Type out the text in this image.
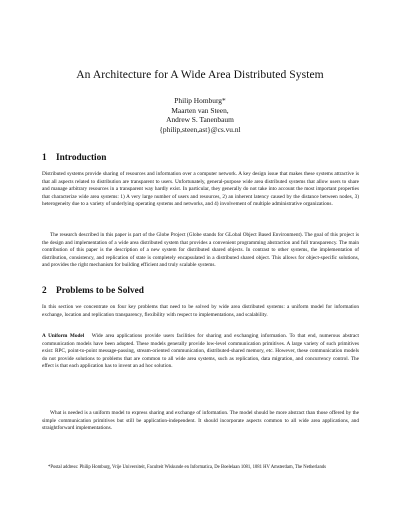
An Architecture for A Wide Area Distributed System
Philip Homburg*
Maarten van Steen,
Andrew S. Tanenbaum
{philip,steen,ast}@cs.vu.nl
1 Introduction

Distributed systems provide sharing of resources and information over a computer network. A key design issue that makes these systems attractive is that all aspects related to distribution are transparent to users. Unfortunately, general-purpose wide area distributed systems that allow users to share and manage arbitrary resources in a transparent way hardly exist. In particular, they generally do not take into account the most important properties that characterize wide area systems: 1) A very large number of users and resources, 2) an inherent latency caused by the distance between nodes, 3) heterogeneity due to a variety of underlying operating systems and networks, and 4) involvement of multiple administrative organizations.

The research described in this paper is part of the Globe Project (Globe stands for GLobal Object Based Environment). The goal of this project is the design and implementation of a wide area distributed system that provides a convenient programming abstraction and full transparency. The main contribution of this paper is the description of a new system for distributed shared objects. In contrast to other systems, the implementation of distribution, consistency, and replication of state is completely encapsulated in a distributed shared object. This allows for object-specific solutions, and provides the right mechanism for building efficient and truly scalable systems.

2 Problems to be Solved

In this section we concentrate on four key problems that need to be solved by wide area distributed systems: a uniform model for information exchange, location and replication transparency, flexibility with respect to implementations, and scalability.

A Uniform Model Wide area applications provide users facilities for sharing and exchanging information. To that end, numerous abstract communication models have been adopted. These models generally provide low-level communication primitives. A large variety of such primitives exist: RPC, point-to-point message-passing, stream-oriented communication, distributed-shared memory, etc. However, these communication models do not provide solutions to problems that are common to all wide area systems, such as replication, data migration, and concurrency control. The effect is that each application has to invent an ad hoc solution.

What is needed is a uniform model to express sharing and exchange of information. The model should be more abstract than those offered by the simple communication primitives but still be application-independent. It should incorporate aspects common to all wide area applications, and straightforward implementations.

*Postal address: Philip Homburg, Vrije Universiteit, Faculteit Wiskunde en Informatica, De Boelelaan 1081, 1081 HV Amsterdam, The Netherlands
